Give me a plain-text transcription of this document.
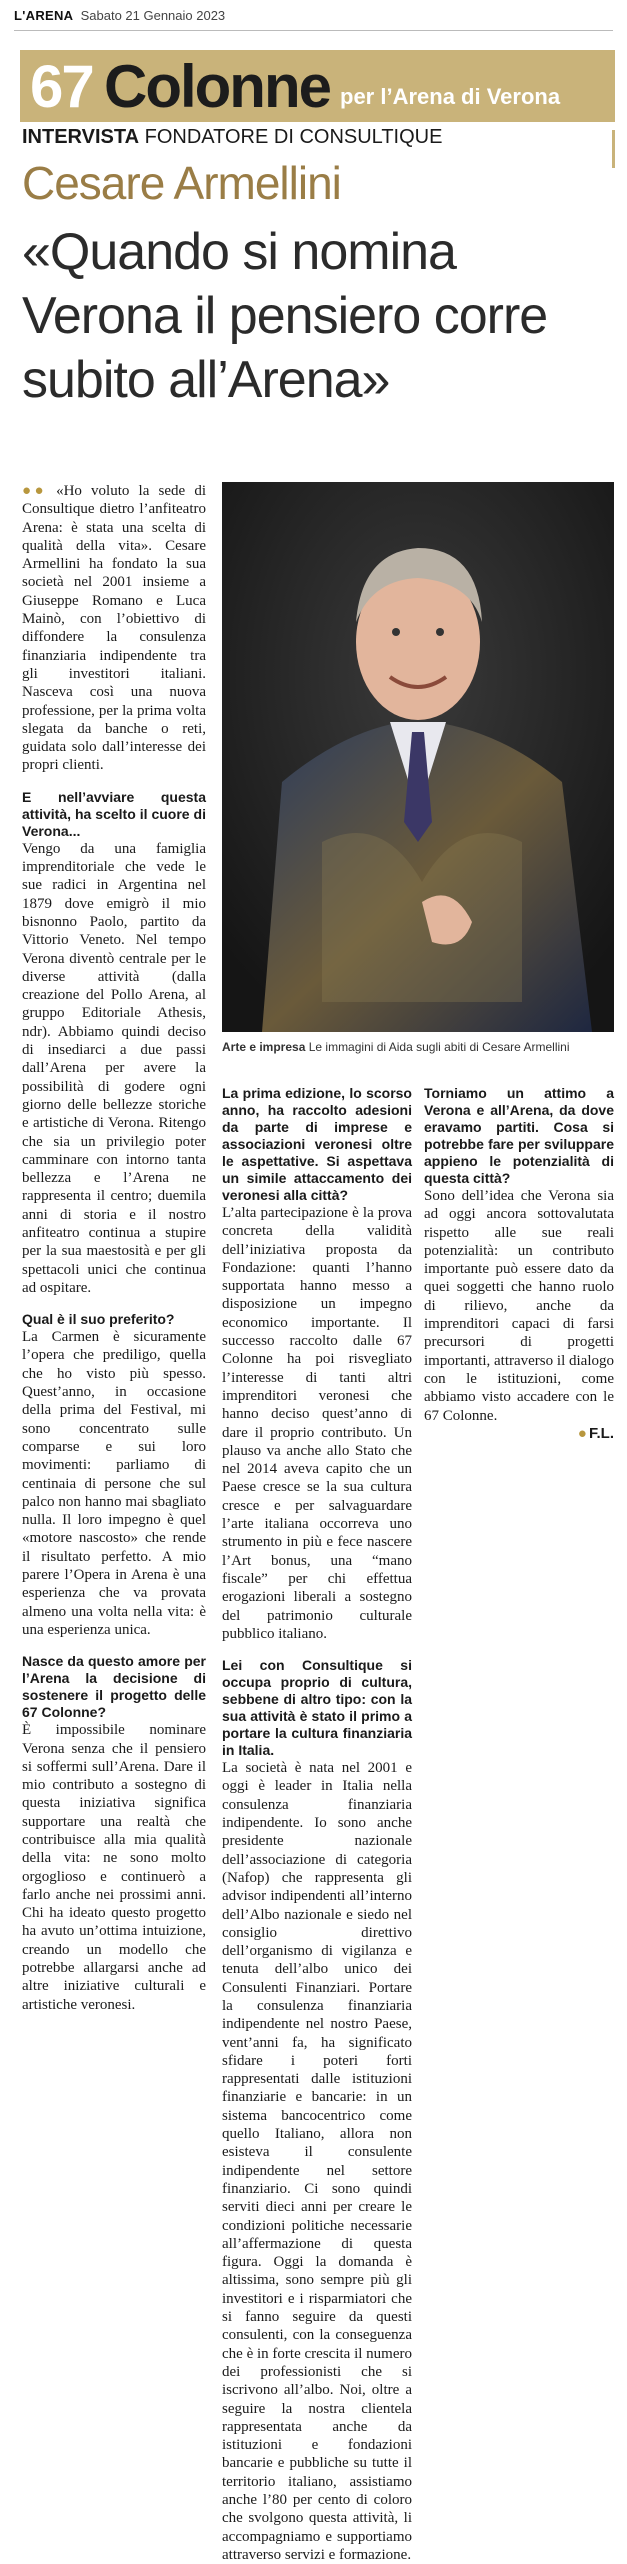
L'ARENA Sabato 21 Gennaio 2023
67 Colonne per l’Arena di Verona
INTERVISTA FONDATORE DI CONSULTIQUE
Cesare Armellini
«Quando si nomina Verona il pensiero corre subito all’Arena»

●● «Ho voluto la sede di Consultique dietro l’anfiteatro Arena: è stata una scelta di qualità della vita». Cesare Armellini ha fondato la sua società nel 2001 insieme a Giuseppe Romano e Luca Mainò, con l’obiettivo di diffondere la consulenza finanziaria indipendente tra gli investitori italiani. Nasceva così una nuova professione, per la prima volta slegata da banche o reti, guidata solo dall’interesse dei propri clienti.

E nell’avviare questa attività, ha scelto il cuore di Verona...

Vengo da una famiglia imprenditoriale che vede le sue radici in Argentina nel 1879 dove emigrò il mio bisnonno Paolo, partito da Vittorio Veneto. Nel tempo Verona diventò centrale per le diverse attività (dalla creazione del Pollo Arena, al gruppo Editoriale Athesis, ndr). Abbiamo quindi deciso di insediarci a due passi dall’Arena per avere la possibilità di godere ogni giorno delle bellezze storiche e artistiche di Verona. Ritengo che sia un privilegio poter camminare con intorno tanta bellezza e l’Arena ne rappresenta il centro; duemila anni di storia e il nostro anfiteatro continua a stupire per la sua maestosità e per gli spettacoli unici che continua ad ospitare.

Qual è il suo preferito?

La Carmen è sicuramente l’opera che prediligo, quella che ho visto più spesso. Quest’anno, in occasione della prima del Festival, mi sono concentrato sulle comparse e sui loro movimenti: parliamo di centinaia di persone che sul palco non hanno mai sbagliato nulla. Il loro impegno è quel «motore nascosto» che rende il risultato perfetto. A mio parere l’Opera in Arena è una esperienza che va provata almeno una volta nella vita: è una esperienza unica.

Nasce da questo amore per l’Arena la decisione di sostenere il progetto delle 67 Colonne?

È impossibile nominare Verona senza che il pensiero si soffermi sull’Arena. Dare il mio contributo a sostegno di questa iniziativa significa supportare una realtà che contribuisce alla mia qualità della vita: ne sono molto orgoglioso e continuerò a farlo anche nei prossimi anni. Chi ha ideato questo progetto ha avuto un’ottima intuizione, creando un modello che potrebbe allargarsi anche ad altre iniziative culturali e artistiche veronesi.

Arte e impresa Le immagini di Aida sugli abiti di Cesare Armellini

La prima edizione, lo scorso anno, ha raccolto adesioni da parte di imprese e associazioni veronesi oltre le aspettative. Si aspettava un simile attaccamento dei veronesi alla città?

L’alta partecipazione è la prova concreta della validità dell’iniziativa proposta da Fondazione: quanti l’hanno supportata hanno messo a disposizione un impegno economico importante. Il successo raccolto dalle 67 Colonne ha poi risvegliato l’interesse di tanti altri imprenditori veronesi che hanno deciso quest’anno di dare il proprio contributo. Un plauso va anche allo Stato che nel 2014 aveva capito che un Paese cresce se la sua cultura cresce e per salvaguardare l’arte italiana occorreva uno strumento in più e fece nascere l’Art bonus, una “mano fiscale” per chi effettua erogazioni liberali a sostegno del patrimonio culturale pubblico italiano.

Lei con Consultique si occupa proprio di cultura, sebbene di altro tipo: con la sua attività è stato il primo a portare la cultura finanziaria in Italia.

La società è nata nel 2001 e oggi è leader in Italia nella consulenza finanziaria indipendente. Io sono anche presidente nazionale dell’associazione di categoria (Nafop) che rappresenta gli advisor indipendenti all’interno dell’Albo nazionale e siedo nel consiglio direttivo dell’organismo di vigilanza e tenuta dell’albo unico dei Consulenti Finanziari. Portare la consulenza finanziaria indipendente nel nostro Paese, vent’anni fa, ha significato sfidare i poteri forti rappresentati dalle istituzioni finanziarie e bancarie: in un sistema bancocentrico come quello Italiano, allora non esisteva il consulente indipendente nel settore finanziario. Ci sono quindi serviti dieci anni per creare le condizioni politiche necessarie all’affermazione di questa figura. Oggi la domanda è altissima, sono sempre più gli investitori e i risparmiatori che si fanno seguire da questi consulenti, con la conseguenza che è in forte crescita il numero dei professionisti che si iscrivono all’albo. Noi, oltre a seguire la nostra clientela rappresentata anche da istituzioni e fondazioni bancarie e pubbliche su tutte il territorio italiano, assistiamo anche l’80 per cento di coloro che svolgono questa attività, li accompagniamo e supportiamo attraverso servizi e formazione.

Torniamo un attimo a Verona e all’Arena, da dove eravamo partiti. Cosa si potrebbe fare per sviluppare appieno le potenzialità di questa città?

Sono dell’idea che Verona sia ad oggi ancora sottovalutata rispetto alle sue reali potenzialità: un contributo importante può essere dato da quei soggetti che hanno ruolo di rilievo, anche da imprenditori capaci di farsi precursori di progetti importanti, attraverso il dialogo con le istituzioni, come abbiamo visto accadere con le 67 Colonne.

● F.L.
